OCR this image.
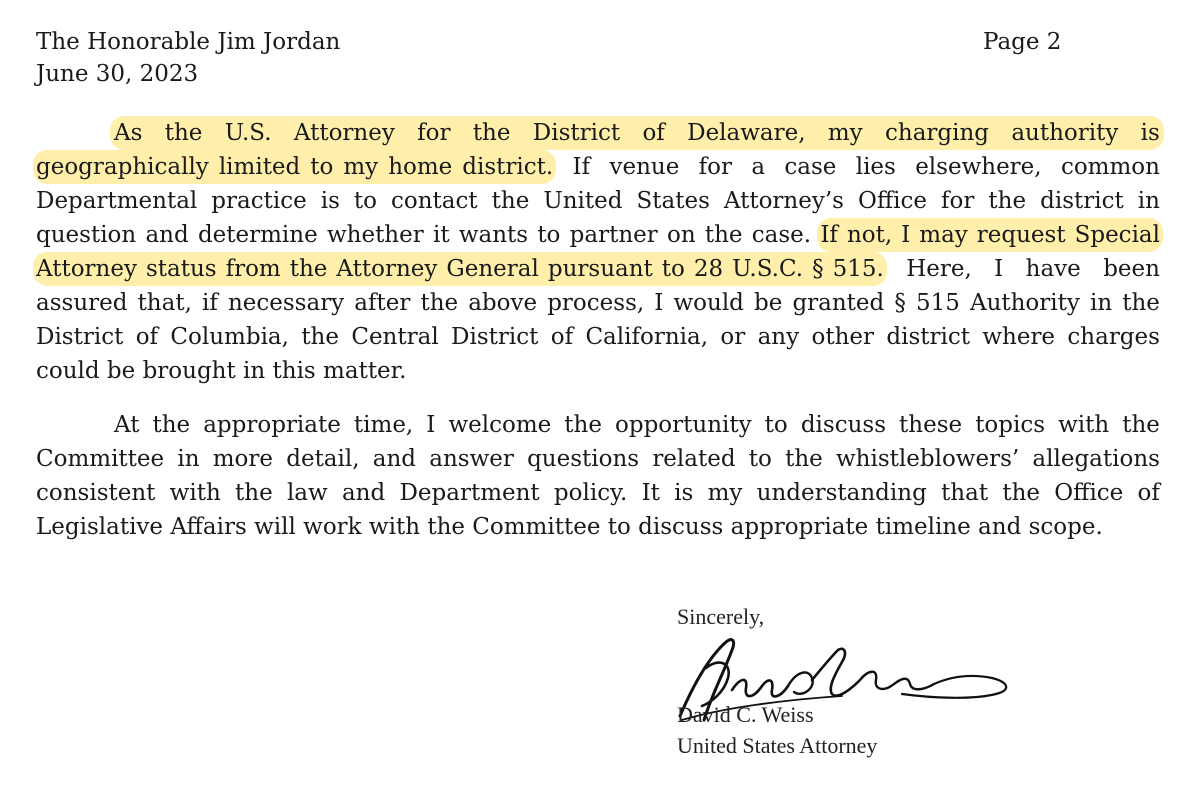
The Honorable Jim Jordan
June 30, 2023
Page 2
As the U.S. Attorney for the District of Delaware, my charging authority is
geographically limited to my home district. If venue for a case lies elsewhere, common
Departmental practice is to contact the United States Attorney’s Office for the district in
question and determine whether it wants to partner on the case. If not, I may request Special
Attorney status from the Attorney General pursuant to 28 U.S.C. § 515. Here, I have been
assured that, if necessary after the above process, I would be granted § 515 Authority in the
District of Columbia, the Central District of California, or any other district where charges
could be brought in this matter.
At the appropriate time, I welcome the opportunity to discuss these topics with the
Committee in more detail, and answer questions related to the whistleblowers’ allegations
consistent with the law and Department policy. It is my understanding that the Office of
Legislative Affairs will work with the Committee to discuss appropriate timeline and scope.
Sincerely,
David C. Weiss
United States Attorney
